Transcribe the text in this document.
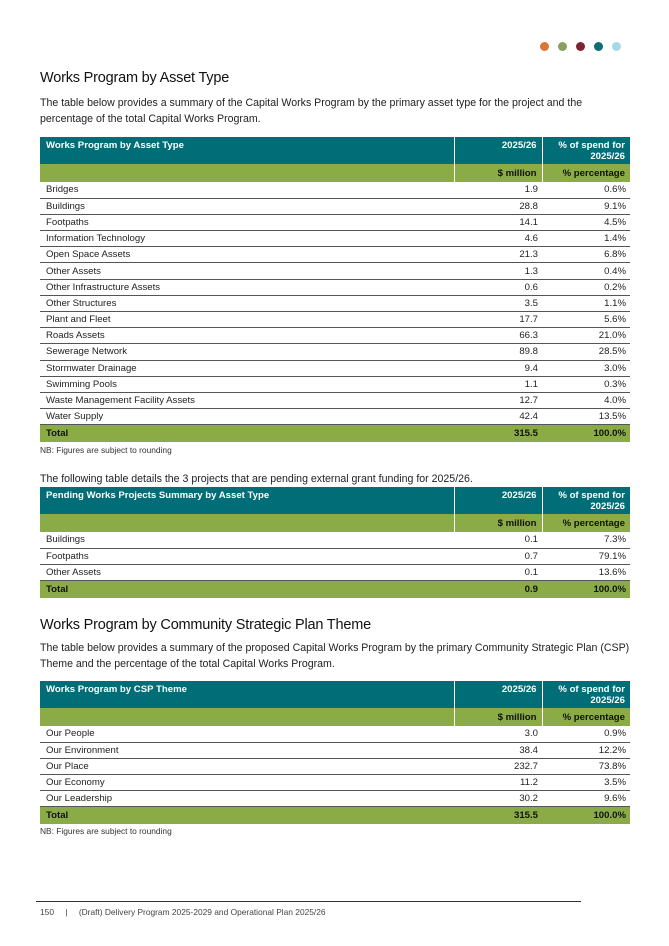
Works Program by Asset Type

The table below provides a summary of the Capital Works Program by the primary asset type for the project and the percentage of the total Capital Works Program.

Works Program by Asset Type	2025/26	% of spend for 2025/26
	$ million	% percentage
Bridges	1.9	0.6%
Buildings	28.8	9.1%
Footpaths	14.1	4.5%
Information Technology	4.6	1.4%
Open Space Assets	21.3	6.8%
Other Assets	1.3	0.4%
Other Infrastructure Assets	0.6	0.2%
Other Structures	3.5	1.1%
Plant and Fleet	17.7	5.6%
Roads Assets	66.3	21.0%
Sewerage Network	89.8	28.5%
Stormwater Drainage	9.4	3.0%
Swimming Pools	1.1	0.3%
Waste Management Facility Assets	12.7	4.0%
Water Supply	42.4	13.5%
Total	315.5	100.0%
NB: Figures are subject to rounding

The following table details the 3 projects that are pending external grant funding for 2025/26.

Pending Works Projects Summary by Asset Type	2025/26	% of spend for 2025/26
	$ million	% percentage
Buildings	0.1	7.3%
Footpaths	0.7	79.1%
Other Assets	0.1	13.6%
Total	0.9	100.0%
Works Program by Community Strategic Plan Theme

The table below provides a summary of the proposed Capital Works Program by the primary Community Strategic Plan (CSP) Theme and the percentage of the total Capital Works Program.

Works Program by CSP Theme	2025/26	% of spend for 2025/26
	$ million	% percentage
Our People	3.0	0.9%
Our Environment	38.4	12.2%
Our Place	232.7	73.8%
Our Economy	11.2	3.5%
Our Leadership	30.2	9.6%
Total	315.5	100.0%
NB: Figures are subject to rounding
150 | (Draft) Delivery Program 2025-2029 and Operational Plan 2025/26
